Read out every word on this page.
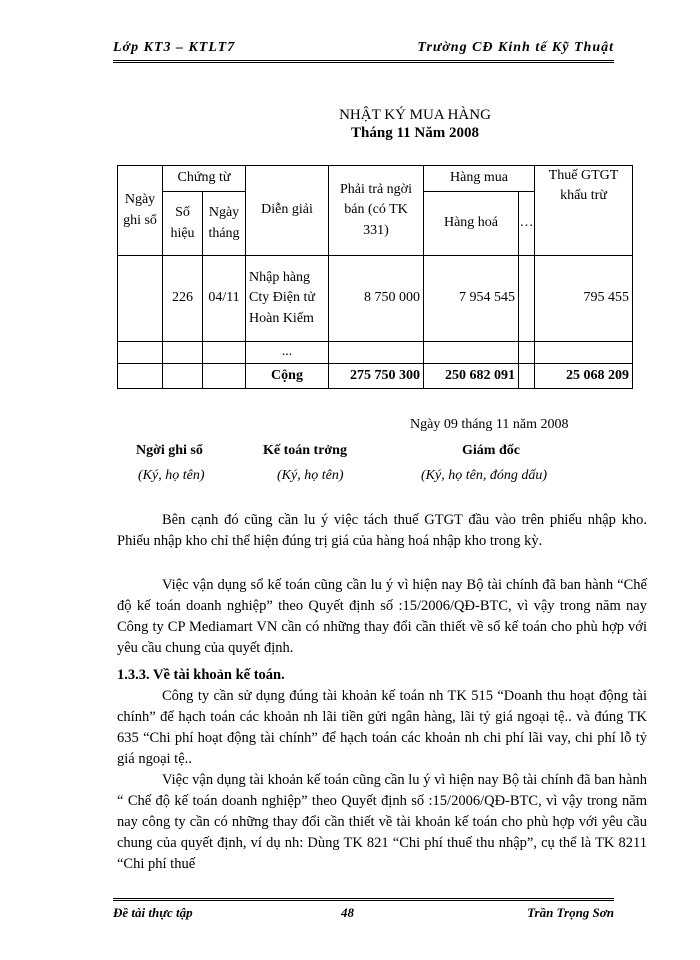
Lớp KT3 – KTLT7	Trường CĐ Kinh tế Kỹ Thuật
NHẬT KÝ MUA HÀNG
Tháng 11 Năm 2008
Ngày ghi sổ	Chứng từ		Diễn giải	Phải trả ngời bán (có TK 331)	Hàng mua		Thuế GTGT khấu trừ
	Số hiệu	Ngày tháng			Hàng hoá	…	
	226	04/11	Nhập hàng Cty Điện tử Hoàn Kiếm	8 750 000	7 954 545		795 455
			...				
			Cộng	275 750 300	250 682 091		25 068 209
Ngày 09 tháng 11 năm 2008
Ngời ghi sổ	Kế toán trởng	Giám đốc
(Ký, họ tên)	(Ký, họ tên)	(Ký, họ tên, đóng dấu)
Bên cạnh đó cũng cần lu ý việc tách thuế GTGT đầu vào trên phiếu nhập kho. Phiếu nhập kho chỉ thể hiện đúng trị giá của hàng hoá nhập kho trong kỳ.
Việc vận dụng sổ kế toán cũng cần lu ý vì hiện nay Bộ tài chính đã ban hành “Chế độ kế toán doanh nghiệp” theo Quyết định số :15/2006/QĐ-BTC, vì vậy trong năm nay Công ty CP Mediamart VN cần có những thay đổi cần thiết về sổ kế toán cho phù hợp với yêu cầu chung của quyết định.
1.3.3. Về tài khoản kế toán.
Công ty cần sử dụng đúng tài khoản kế toán nh TK 515 “Doanh thu hoạt động tài chính” để hạch toán các khoản nh lãi tiền gửi ngân hàng, lãi tỷ giá ngoại tệ.. và đúng TK 635 “Chi phí hoạt động tài chính” để hạch toán các khoản nh chi phí lãi vay, chi phí lỗ tỷ giá ngoại tệ..
Việc vận dụng tài khoản kế toán cũng cần lu ý vì hiện nay Bộ tài chính đã ban hành “ Chế độ kế toán doanh nghiệp” theo Quyết định số :15/2006/QĐ-BTC, vì vậy trong năm nay công ty cần có những thay đổi cần thiết về tài khoản kế toán cho phù hợp với yêu cầu chung của quyết định, ví dụ nh: Dùng TK 821 “Chi phí thuế thu nhập”, cụ thể là TK 8211 “Chi phí thuế
Đề tài thực tập	48	Trần Trọng Sơn
